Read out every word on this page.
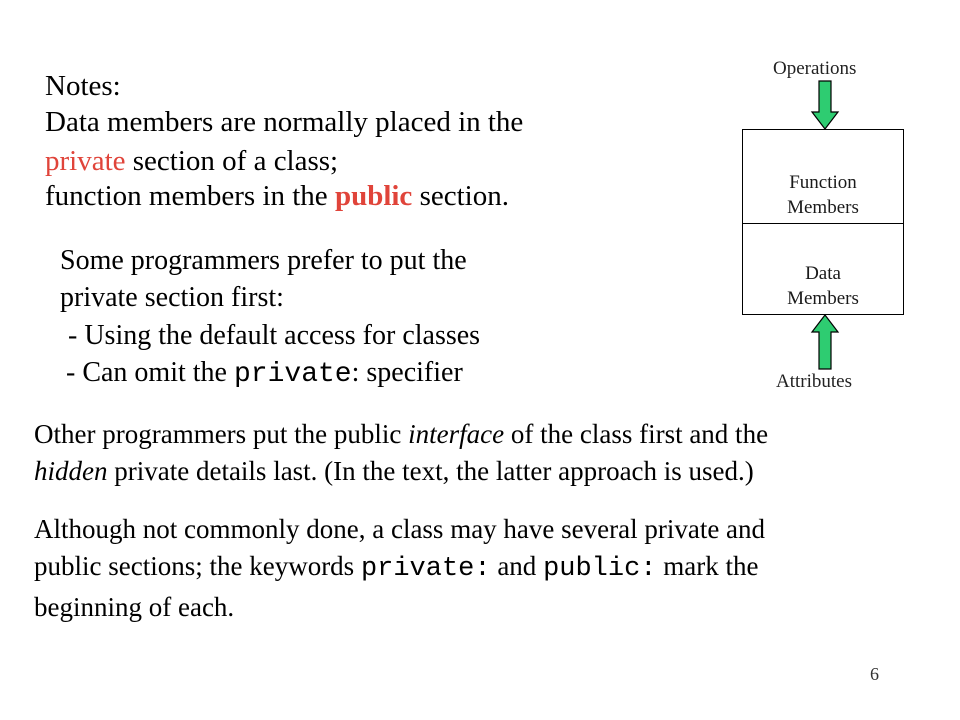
Notes:
Data members are normally placed in the
private section of a class;
function members in the public section.
Some programmers prefer to put the
private section first:
- Using the default access for classes
- Can omit the private: specifier
Other programmers put the public interface of the class first and the
hidden private details last. (In the text, the latter approach is used.)
Although not commonly done, a class may have several private and
public sections; the keywords private: and public: mark the
beginning of each.
Operations
Function
Members
Data
Members
Attributes
6
